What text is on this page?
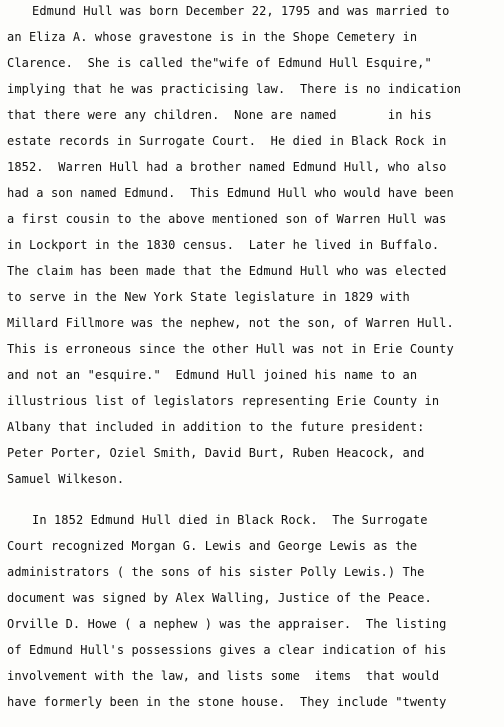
Edmund Hull was born December 22, 1795 and was married to
an Eliza A. whose gravestone is in the Shope Cemetery in
Clarence.  She is called the"wife of Edmund Hull Esquire,"
implying that he was practicising law.  There is no indication
that there were any children.  None are named       in his
estate records in Surrogate Court.  He died in Black Rock in
1852.  Warren Hull had a brother named Edmund Hull, who also
had a son named Edmund.  This Edmund Hull who would have been
a first cousin to the above mentioned son of Warren Hull was
in Lockport in the 1830 census.  Later he lived in Buffalo.
The claim has been made that the Edmund Hull who was elected
to serve in the New York State legislature in 1829 with
Millard Fillmore was the nephew, not the son, of Warren Hull.
This is erroneous since the other Hull was not in Erie County
and not an "esquire."  Edmund Hull joined his name to an
illustrious list of legislators representing Erie County in
Albany that included in addition to the future president:
Peter Porter, Oziel Smith, David Burt, Ruben Heacock, and
Samuel Wilkeson.
In 1852 Edmund Hull died in Black Rock.  The Surrogate
Court recognized Morgan G. Lewis and George Lewis as the
administrators ( the sons of his sister Polly Lewis.) The
document was signed by Alex Walling, Justice of the Peace.
Orville D. Howe ( a nephew ) was the appraiser.  The listing
of Edmund Hull's possessions gives a clear indication of his
involvement with the law, and lists some  items  that would
have formerly been in the stone house.  They include "twenty
